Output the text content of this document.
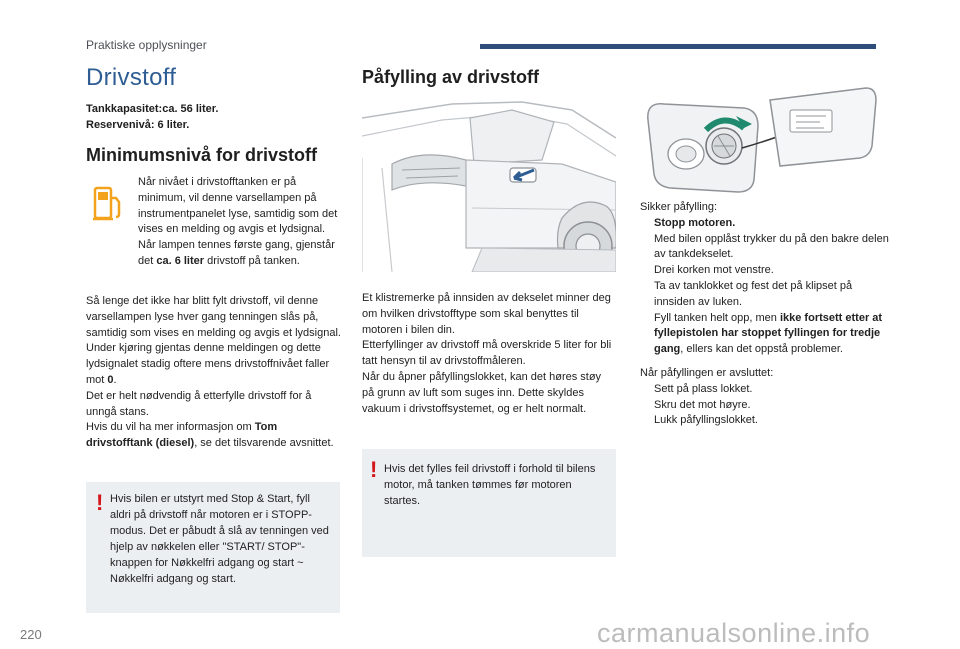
Praktiske opplysninger
Drivstoff
Tankkapasitet:ca. 56 liter.
Reservenivå: 6 liter.
Minimumsnivå for drivstoff
Når nivået i drivstofftanken er på minimum, vil denne varsellampen på instrumentpanelet lyse, samtidig som det vises en melding og avgis et lydsignal. Når lampen tennes første gang, gjenstår det ca. 6 liter drivstoff på tanken.
Så lenge det ikke har blitt fylt drivstoff, vil denne varsellampen lyse hver gang tenningen slås på, samtidig som vises en melding og avgis et lydsignal. Under kjøring gjentas denne meldingen og dette lydsignalet stadig oftere mens drivstoffnivået faller mot 0.
Det er helt nødvendig å etterfylle drivstoff for å unngå stans.
Hvis du vil ha mer informasjon om Tom drivstofftank (diesel), se det tilsvarende avsnittet.
! Hvis bilen er utstyrt med Stop & Start, fyll aldri på drivstoff når motoren er i STOPP-modus. Det er påbudt å slå av tenningen ved hjelp av nøkkelen eller "START/ STOP"-knappen for Nøkkelfri adgang og start ~ Nøkkelfri adgang og start.
Påfylling av drivstoff
Et klistremerke på innsiden av dekselet minner deg om hvilken drivstofftype som skal benyttes til motoren i bilen din.
Etterfyllinger av drivstoff må overskride 5 liter for bli tatt hensyn til av drivstoffmåleren.
Når du åpner påfyllingslokket, kan det høres støy på grunn av luft som suges inn. Dette skyldes vakuum i drivstoffsystemet, og er helt normalt.
! Hvis det fylles feil drivstoff i forhold til bilens motor, må tanken tømmes før motoren startes.
Sikker påfylling:
Stopp motoren.
Med bilen opplåst trykker du på den bakre delen av tankdekselet.
Drei korken mot venstre.
Ta av tanklokket og fest det på klipset på innsiden av luken.
Fyll tanken helt opp, men ikke fortsett etter at fyllepistolen har stoppet fyllingen for tredje gang, ellers kan det oppstå problemer.
Når påfyllingen er avsluttet:
Sett på plass lokket.
Skru det mot høyre.
Lukk påfyllingslokket.
220	carmanualsonline.info
